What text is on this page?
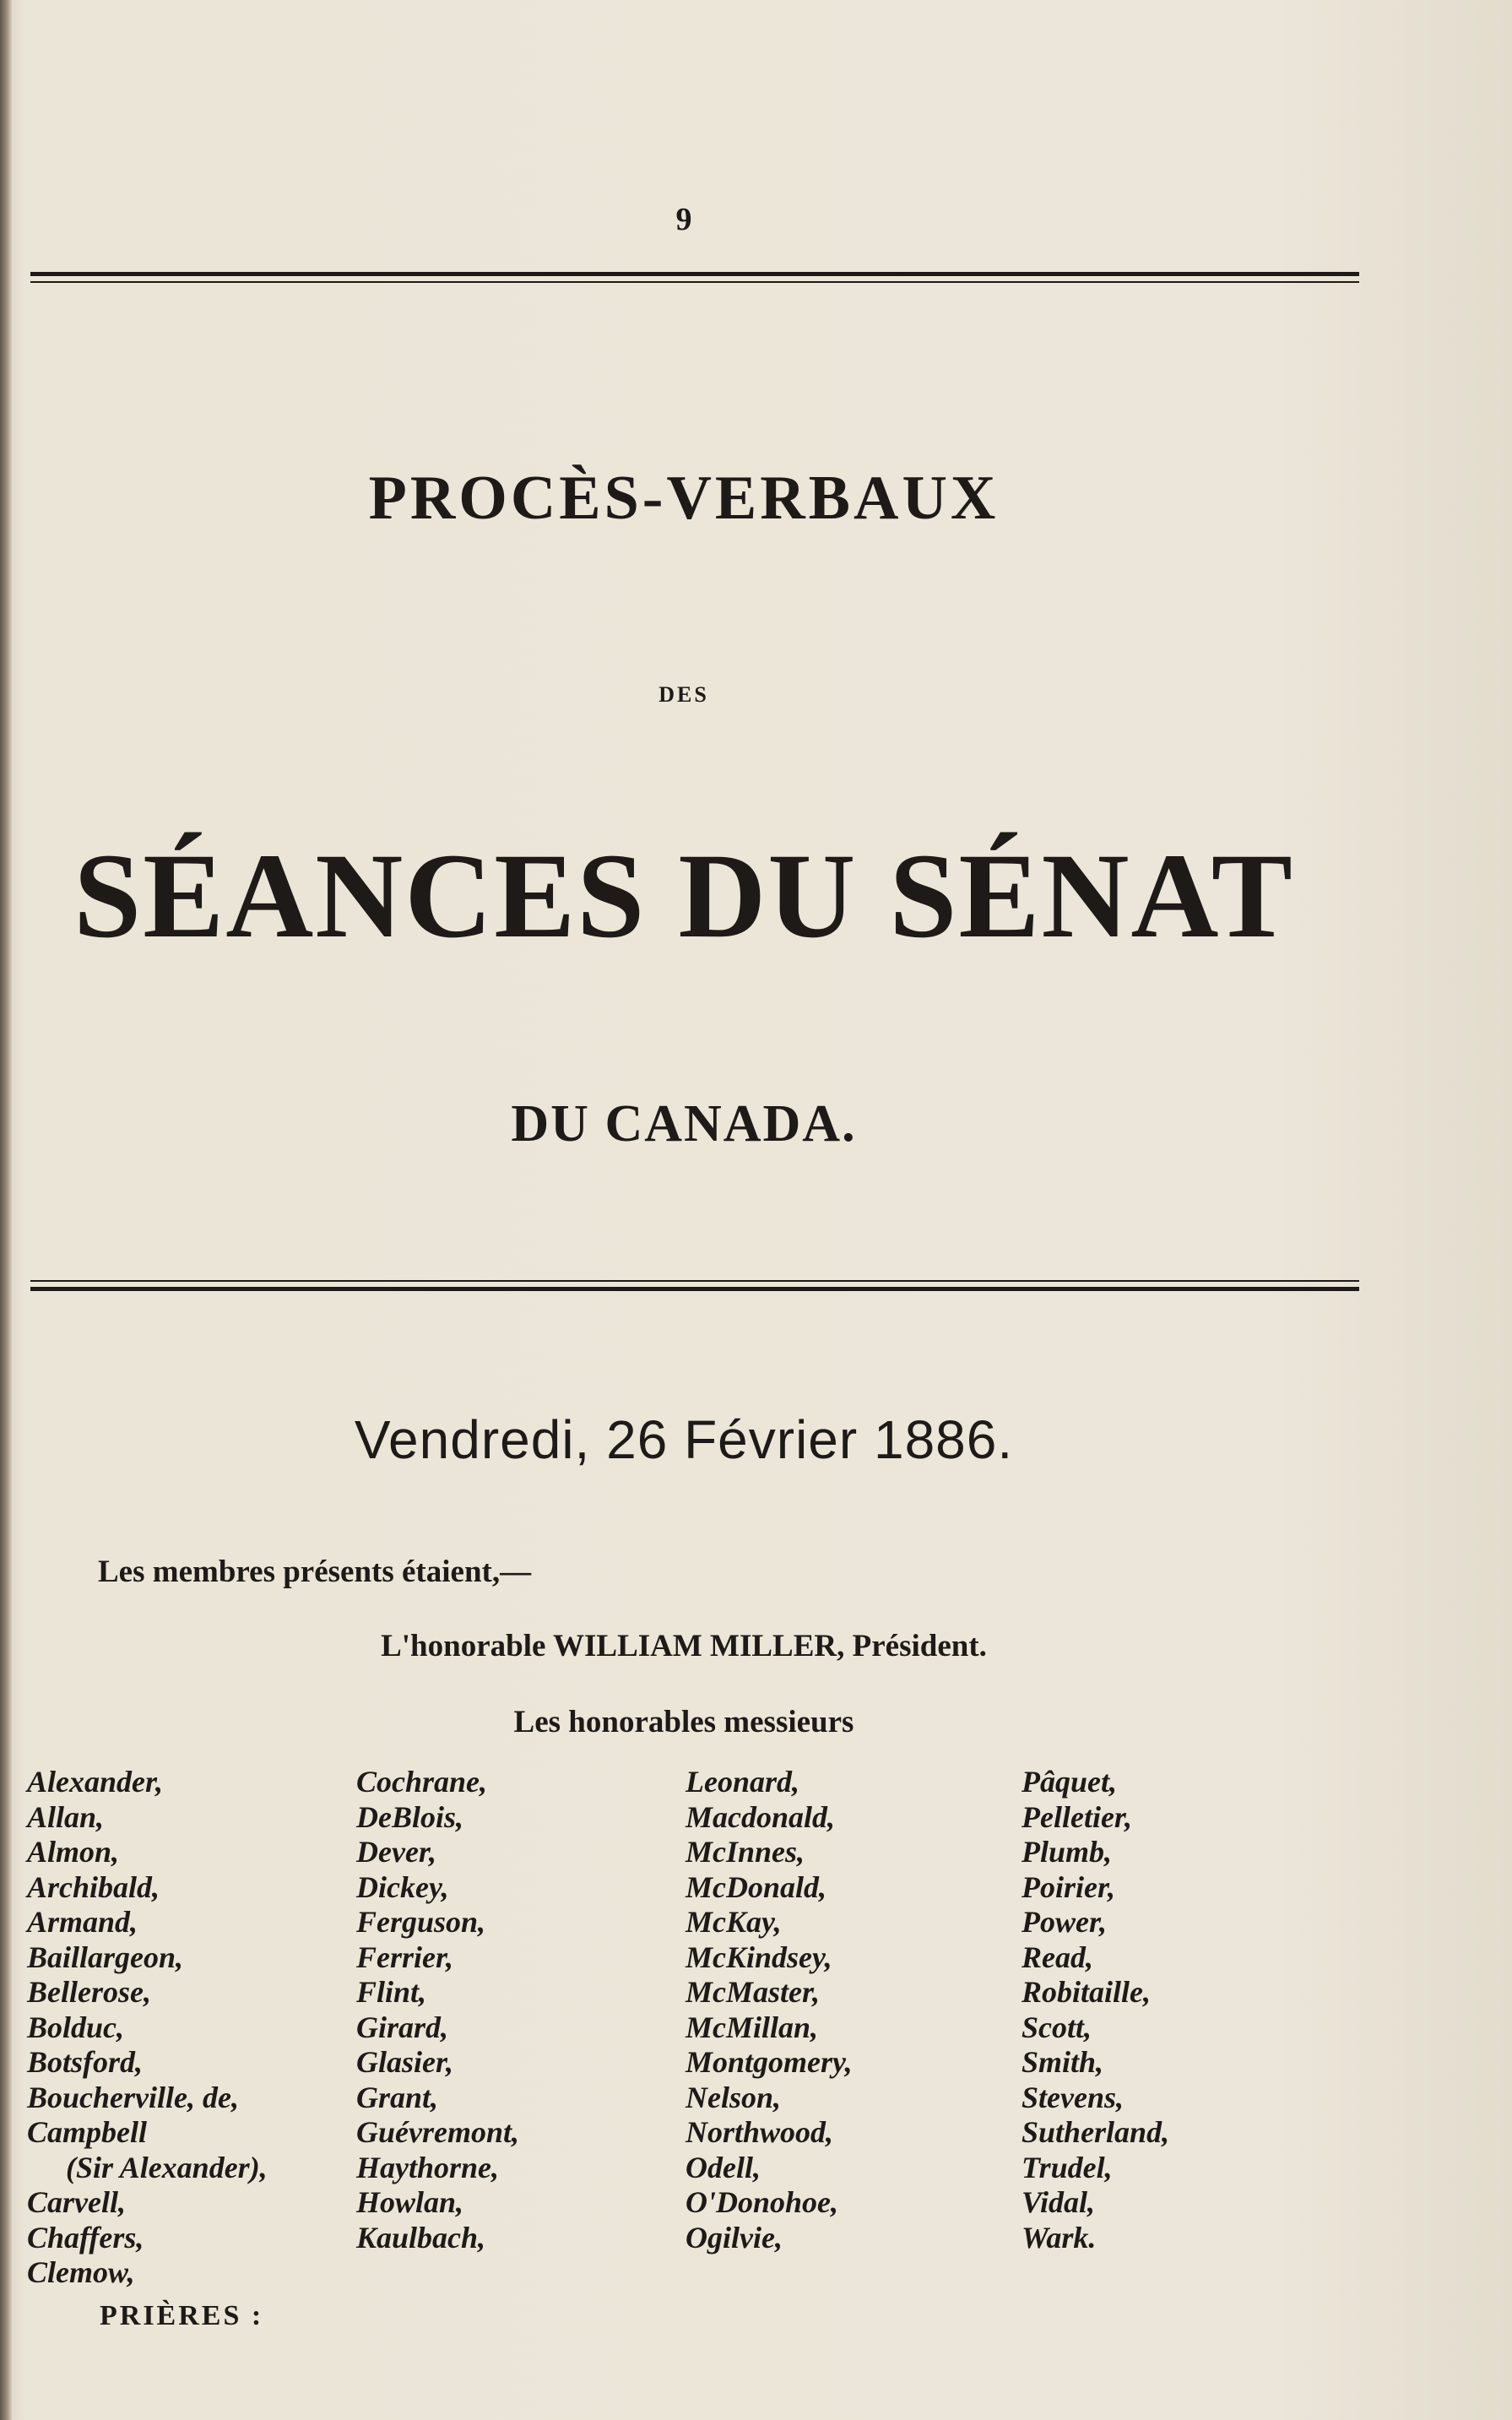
9
PROCÈS-VERBAUX
DES
SÉANCES DU SÉNAT
DU CANADA.
Vendredi, 26 Février 1886.
Les membres présents étaient,—
L'honorable WILLIAM MILLER, Président.
Les honorables messieurs
Alexander,
Allan,
Almon,
Archibald,
Armand,
Baillargeon,
Bellerose,
Bolduc,
Botsford,
Boucherville, de,
Campbell
(Sir Alexander),
Carvell,
Chaffers,
Clemow,
Cochrane,
DeBlois,
Dever,
Dickey,
Ferguson,
Ferrier,
Flint,
Girard,
Glasier,
Grant,
Guévremont,
Haythorne,
Howlan,
Kaulbach,
Leonard,
Macdonald,
McInnes,
McDonald,
McKay,
McKindsey,
McMaster,
McMillan,
Montgomery,
Nelson,
Northwood,
Odell,
O'Donohoe,
Ogilvie,
Pâquet,
Pelletier,
Plumb,
Poirier,
Power,
Read,
Robitaille,
Scott,
Smith,
Stevens,
Sutherland,
Trudel,
Vidal,
Wark.
PRIÈRES :
